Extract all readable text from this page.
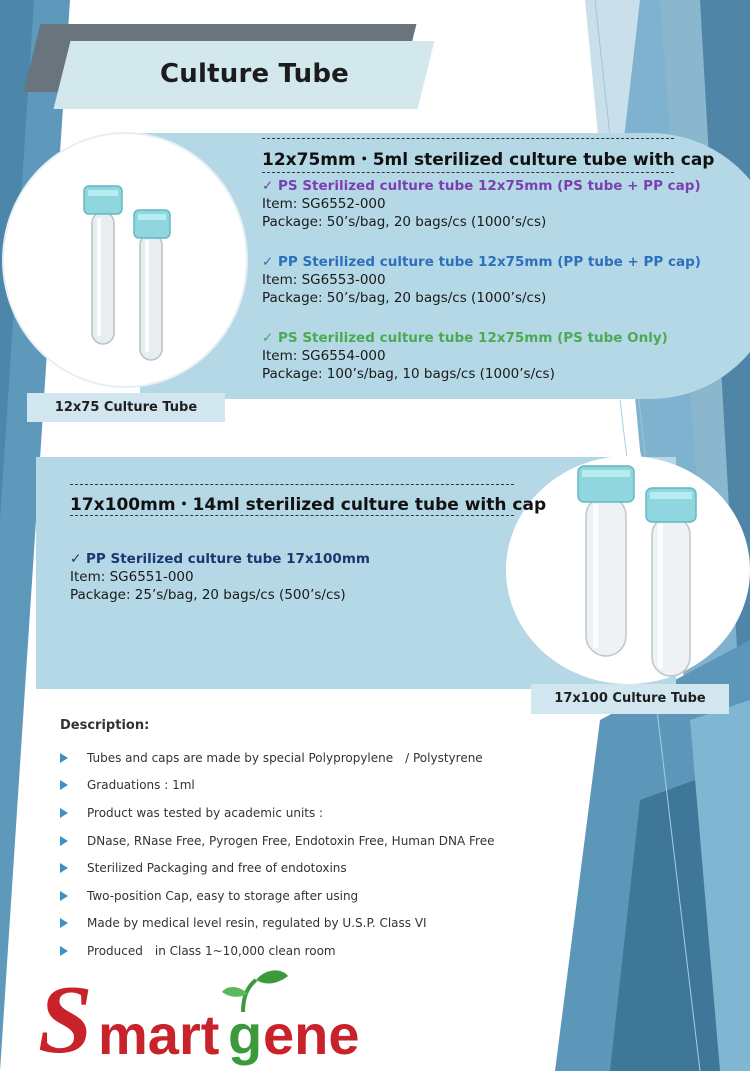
Culture Tube
12x75 Culture Tube
12x75mm・5ml sterilized culture tube with cap
✓ PS Sterilized culture tube 12x75mm (PS tube + PP cap)
Item: SG6552-000
Package: 50’s/bag, 20 bags/cs (1000’s/cs)
✓ PP Sterilized culture tube 12x75mm (PP tube + PP cap)
Item: SG6553-000
Package: 50’s/bag, 20 bags/cs (1000’s/cs)
✓ PS Sterilized culture tube 12x75mm (PS tube Only)
Item: SG6554-000
Package: 100’s/bag, 10 bags/cs (1000’s/cs)
17x100 Culture Tube
17x100mm・14ml sterilized culture tube with cap
✓ PP Sterilized culture tube 17x100mm
Item: SG6551-000
Package: 25’s/bag, 20 bags/cs (500’s/cs)
Description:
Tubes and caps are made by special Polypropylene　/ Polystyrene
Graduations : 1ml
Product was tested by academic units :
DNase, RNase Free, Pyrogen Free, Endotoxin Free, Human DNA Free
Sterilized Packaging and free of endotoxins
Two-position Cap, easy to storage after using
Made by medical level resin, regulated by U.S.P. Class VI
Produced　in Class 1~10,000 clean room
S mart g ene
